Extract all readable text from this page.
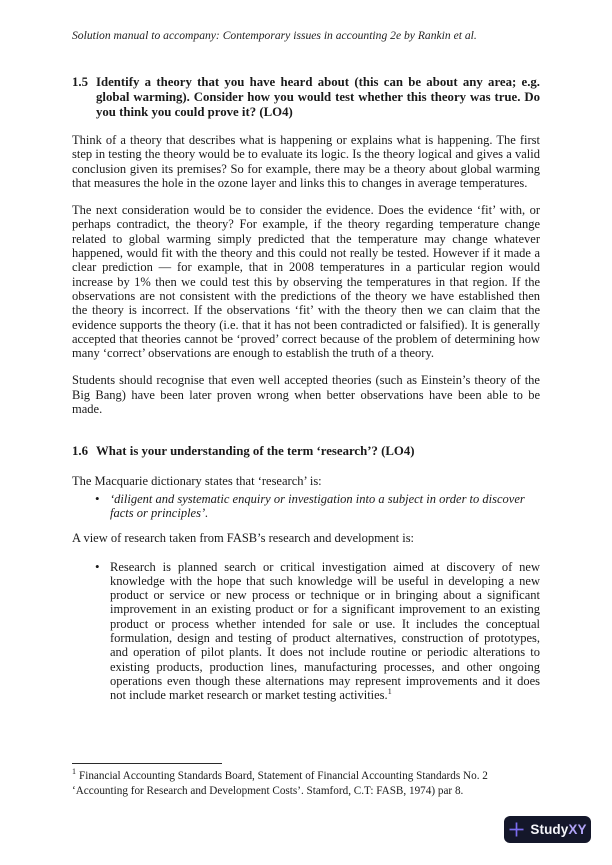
Solution manual to accompany: Contemporary issues in accounting 2e by Rankin et al.
1.5 Identify a theory that you have heard about (this can be about any area; e.g. global warming). Consider how you would test whether this theory was true. Do you think you could prove it? (LO4)

Think of a theory that describes what is happening or explains what is happening. The first step in testing the theory would be to evaluate its logic. Is the theory logical and gives a valid conclusion given its premises? So for example, there may be a theory about global warming that measures the hole in the ozone layer and links this to changes in average temperatures.

The next consideration would be to consider the evidence. Does the evidence ‘fit’ with, or perhaps contradict, the theory? For example, if the theory regarding temperature change related to global warming simply predicted that the temperature may change whatever happened, would fit with the theory and this could not really be tested. However if it made a clear prediction — for example, that in 2008 temperatures in a particular region would increase by 1% then we could test this by observing the temperatures in that region. If the observations are not consistent with the predictions of the theory we have established then the theory is incorrect. If the observations ‘fit’ with the theory then we can claim that the evidence supports the theory (i.e. that it has not been contradicted or falsified). It is generally accepted that theories cannot be ‘proved’ correct because of the problem of determining how many ‘correct’ observations are enough to establish the truth of a theory.

Students should recognise that even well accepted theories (such as Einstein’s theory of the Big Bang) have been later proven wrong when better observations have been able to be made.

1.6 What is your understanding of the term ‘research’? (LO4)

The Macquarie dictionary states that ‘research’ is:

• ‘diligent and systematic enquiry or investigation into a subject in order to discover facts or principles’.

A view of research taken from FASB’s research and development is:

• Research is planned search or critical investigation aimed at discovery of new knowledge with the hope that such knowledge will be useful in developing a new product or service or new process or technique or in bringing about a significant improvement in an existing product or for a significant improvement to an existing product or process whether intended for sale or use. It includes the conceptual formulation, design and testing of product alternatives, construction of prototypes, and operation of pilot plants. It does not include routine or periodic alterations to existing products, production lines, manufacturing processes, and other ongoing operations even though these alternations may represent improvements and it does not include market research or market testing activities.$^1$

$^1$ Financial Accounting Standards Board, Statement of Financial Accounting Standards No. 2 ‘Accounting for Research and Development Costs’. Stamford, C.T: FASB, 1974) par 8.

StudyXY
